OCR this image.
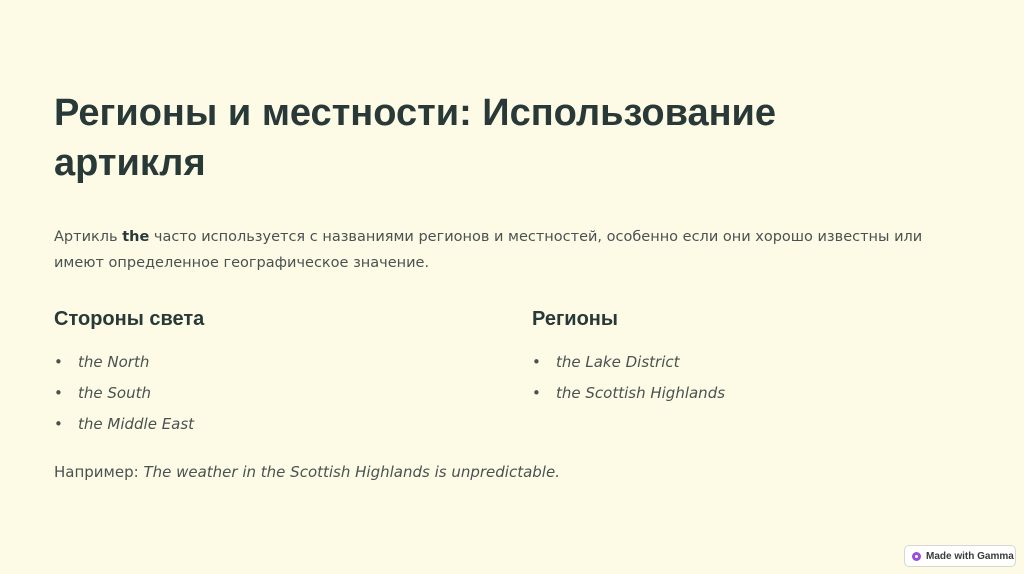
Регионы и местности: Использование артикля

Артикль the часто используется с названиями регионов и местностей, особенно если они хорошо известны или имеют определенное географическое значение.

Стороны света
• the North
• the South
• the Middle East
Регионы
• the Lake District
• the Scottish Highlands

Например: The weather in the Scottish Highlands is unpredictable.

Made with Gamma
